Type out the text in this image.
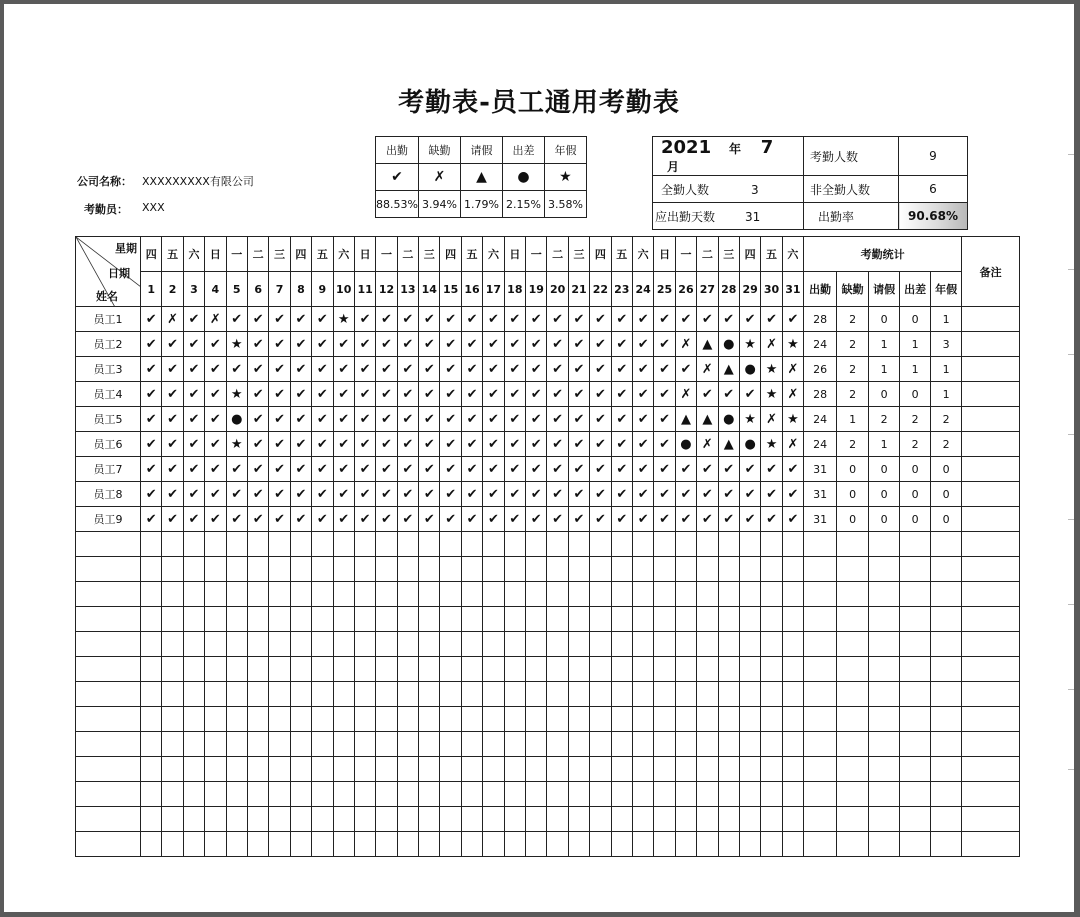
考勤表-员工通用考勤表
公司名称： XXXXXXXXX有限公司
考勤员： XXX
出勤	缺勤	请假	出差	年假
✔	✗	▲	●	★
88.53%	3.94%	1.79%	2.15%	3.58%
2021 年 7 月	考勤人数	9
全勤人数 3	非全勤人数	6
应出勤天数 31	出勤率	90.68%
星期
日期
姓名	四	五	六	日	一	二	三	四	五	六	日	一	二	三	四	五	六	日	一	二	三	四	五	六	日	一	二	三	四	五	六	考勤统计					备注
	1	2	3	4	5	6	7	8	9	10	11	12	13	14	15	16	17	18	19	20	21	22	23	24	25	26	27	28	29	30	31	出勤	缺勤	请假	出差	年假	
员工1	✔	✗	✔	✗	✔	✔	✔	✔	✔	★	✔	✔	✔	✔	✔	✔	✔	✔	✔	✔	✔	✔	✔	✔	✔	✔	✔	✔	✔	✔	✔	28	2	0	0	1	
员工2	✔	✔	✔	✔	★	✔	✔	✔	✔	✔	✔	✔	✔	✔	✔	✔	✔	✔	✔	✔	✔	✔	✔	✔	✔	✗	▲	●	★	✗	★	24	2	1	1	3	
员工3	✔	✔	✔	✔	✔	✔	✔	✔	✔	✔	✔	✔	✔	✔	✔	✔	✔	✔	✔	✔	✔	✔	✔	✔	✔	✔	✗	▲	●	★	✗	26	2	1	1	1	
员工4	✔	✔	✔	✔	★	✔	✔	✔	✔	✔	✔	✔	✔	✔	✔	✔	✔	✔	✔	✔	✔	✔	✔	✔	✔	✗	✔	✔	✔	★	✗	28	2	0	0	1	
员工5	✔	✔	✔	✔	●	✔	✔	✔	✔	✔	✔	✔	✔	✔	✔	✔	✔	✔	✔	✔	✔	✔	✔	✔	✔	▲	▲	●	★	✗	★	24	1	2	2	2	
员工6	✔	✔	✔	✔	★	✔	✔	✔	✔	✔	✔	✔	✔	✔	✔	✔	✔	✔	✔	✔	✔	✔	✔	✔	✔	●	✗	▲	●	★	✗	24	2	1	2	2	
员工7	✔	✔	✔	✔	✔	✔	✔	✔	✔	✔	✔	✔	✔	✔	✔	✔	✔	✔	✔	✔	✔	✔	✔	✔	✔	✔	✔	✔	✔	✔	✔	31	0	0	0	0	
员工8	✔	✔	✔	✔	✔	✔	✔	✔	✔	✔	✔	✔	✔	✔	✔	✔	✔	✔	✔	✔	✔	✔	✔	✔	✔	✔	✔	✔	✔	✔	✔	31	0	0	0	0	
员工9	✔	✔	✔	✔	✔	✔	✔	✔	✔	✔	✔	✔	✔	✔	✔	✔	✔	✔	✔	✔	✔	✔	✔	✔	✔	✔	✔	✔	✔	✔	✔	31	0	0	0	0	
